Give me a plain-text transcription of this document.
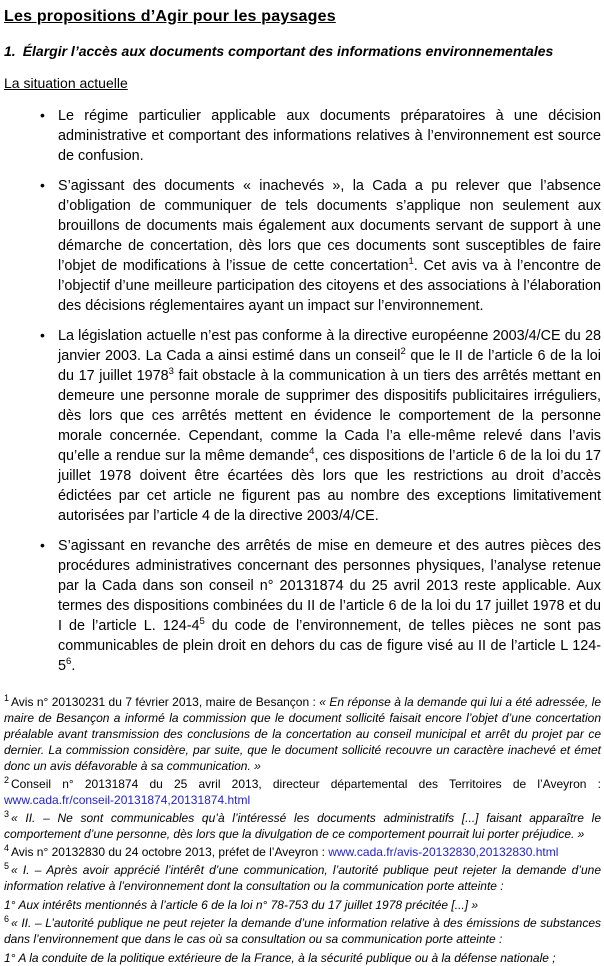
Les propositions d’Agir pour les paysages
1. Élargir l’accès aux documents comportant des informations environnementales
La situation actuelle
• Le régime particulier applicable aux documents préparatoires à une décision administrative et comportant des informations relatives à l’environnement est source de confusion.
• S’agissant des documents « inachevés », la Cada a pu relever que l’absence d’obligation de communiquer de tels documents s’applique non seulement aux brouillons de documents mais également aux documents servant de support à une démarche de concertation, dès lors que ces documents sont susceptibles de faire l’objet de modifications à l’issue de cette concertation$^1$. Cet avis va à l’encontre de l’objectif d’une meilleure participation des citoyens et des associations à l’élaboration des décisions réglementaires ayant un impact sur l’environnement.
• La législation actuelle n’est pas conforme à la directive européenne 2003/4/CE du 28 janvier 2003. La Cada a ainsi estimé dans un conseil$^2$ que le II de l’article 6 de la loi du 17 juillet 1978$^3$ fait obstacle à la communication à un tiers des arrêtés mettant en demeure une personne morale de supprimer des dispositifs publicitaires irréguliers, dès lors que ces arrêtés mettent en évidence le comportement de la personne morale concernée. Cependant, comme la Cada l’a elle-même relevé dans l’avis qu’elle a rendue sur la même demande$^4$, ces dispositions de l’article 6 de la loi du 17 juillet 1978 doivent être écartées dès lors que les restrictions au droit d’accès édictées par cet article ne figurent pas au nombre des exceptions limitativement autorisées par l’article 4 de la directive 2003/4/CE.
• S’agissant en revanche des arrêtés de mise en demeure et des autres pièces des procédures administratives concernant des personnes physiques, l’analyse retenue par la Cada dans son conseil n° 20131874 du 25 avril 2013 reste applicable. Aux termes des dispositions combinées du II de l’article 6 de la loi du 17 juillet 1978 et du I de l’article L. 124-4$^5$ du code de l’environnement, de telles pièces ne sont pas communicables de plein droit en dehors du cas de figure visé au II de l’article L 124-5$^6$.
$^1$ Avis n° 20130231 du 7 février 2013, maire de Besançon : « En réponse à la demande qui lui a été adressée, le maire de Besançon a informé la commission que le document sollicité faisait encore l’objet d’une concertation préalable avant transmission des conclusions de la concertation au conseil municipal et arrêt du projet par ce dernier. La commission considère, par suite, que le document sollicité recouvre un caractère inachevé et émet donc un avis défavorable à sa communication. »
$^2$ Conseil n° 20131874 du 25 avril 2013, directeur départemental des Territoires de l’Aveyron : www.cada.fr/conseil-20131874,20131874.html
$^3$ « II. – Ne sont communicables qu’à l’intéressé les documents administratifs [...] faisant apparaître le comportement d’une personne, dès lors que la divulgation de ce comportement pourrait lui porter préjudice. »
$^4$ Avis n° 20132830 du 24 octobre 2013, préfet de l’Aveyron : www.cada.fr/avis-20132830,20132830.html
$^5$ « I. – Après avoir apprécié l’intérêt d’une communication, l’autorité publique peut rejeter la demande d’une information relative à l’environnement dont la consultation ou la communication porte atteinte :
1° Aux intérêts mentionnés à l’article 6 de la loi n° 78-753 du 17 juillet 1978 précitée [...] »
$^6$ « II. – L’autorité publique ne peut rejeter la demande d’une information relative à des émissions de substances dans l’environnement que dans le cas où sa consultation ou sa communication porte atteinte :
1° A la conduite de la politique extérieure de la France, à la sécurité publique ou à la défense nationale ;
